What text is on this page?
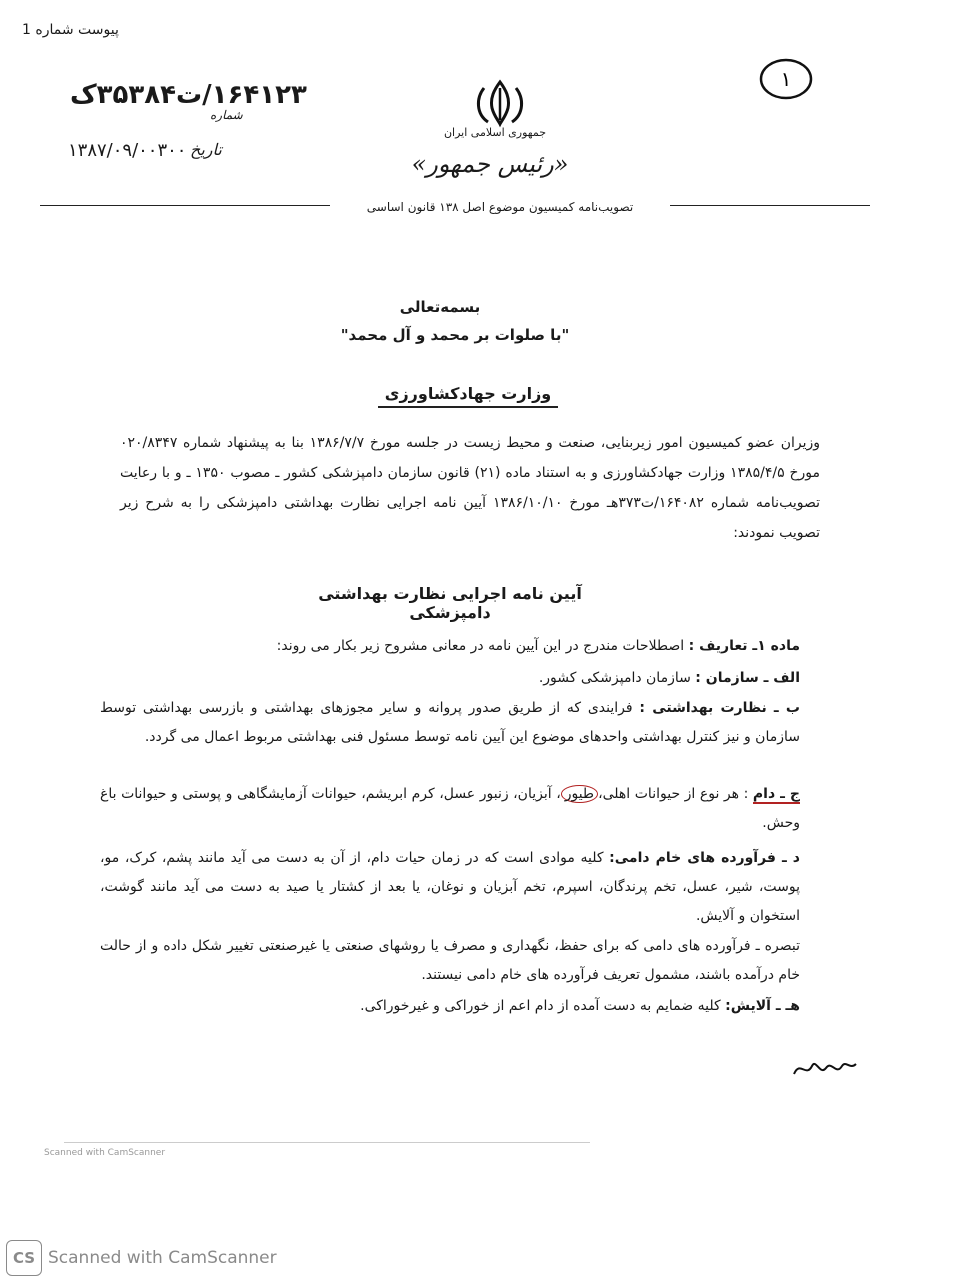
پیوست شماره 1
۱
۱۶۴۱۲۳/ت۳۵۳۸۴ک
شماره
۱۳۸۷/۰۹/۰۰۳۰۰ تاریخ
جمهوری اسلامی ایران
«رئیس جمهور»
تصویب‌نامه کمیسیون موضوع اصل ۱۳۸ قانون اساسی
بسمه‌تعالی
"با صلوات بر محمد و آل محمد"
وزارت جهادکشاورزی
وزیران عضو کمیسیون امور زیربنایی، صنعت و محیط زیست در جلسه مورخ ۱۳۸۶/۷/۷ بنا به پیشنهاد شماره ۰۲۰/۸۳۴۷ مورخ ۱۳۸۵/۴/۵ وزارت جهادکشاورزی و به استناد ماده (۲۱) قانون سازمان دامپزشکی کشور ـ مصوب ۱۳۵۰ ـ و با رعایت تصویب‌نامه شماره ۱۶۴۰۸۲/ت۳۷۳هـ مورخ ۱۳۸۶/۱۰/۱۰ آیین نامه اجرایی نظارت بهداشتی دامپزشکی را به شرح زیر تصویب نمودند:
آیین نامه اجرایی نظارت بهداشتی دامپزشکی
ماده ۱ـ تعاریف : اصطلاحات مندرج در این آیین نامه در معانی مشروح زیر بکار می روند:
الف ـ سازمان : سازمان دامپزشکی کشور.
ب ـ نظارت بهداشتی : فرایندی که از طریق صدور پروانه و سایر مجوزهای بهداشتی و بازرسی بهداشتی توسط سازمان و نیز کنترل بهداشتی واحدهای موضوع این آیین نامه توسط مسئول فنی بهداشتی مربوط اعمال می گردد.
ج ـ دام : هر نوع از حیوانات اهلی،طیور، آبزیان، زنبور عسل، کرم ابریشم، حیوانات آزمایشگاهی و پوستی و حیوانات باغ وحش.
د ـ فرآورده های خام دامی: کلیه موادی است که در زمان حیات دام، از آن به دست می آید مانند پشم، کرک، مو، پوست، شیر، عسل، تخم پرندگان، اسپرم، تخم آبزیان و نوغان، یا بعد از کشتار یا صید به دست می آید مانند گوشت، استخوان و آلایش.
تبصره ـ فرآورده های دامی که برای حفظ، نگهداری و مصرف یا روشهای صنعتی یا غیرصنعتی تغییر شکل داده و از حالت خام درآمده باشند، مشمول تعریف فرآورده های خام دامی نیستند.
هـ ـ آلایش: کلیه ضمایم به دست آمده از دام اعم از خوراکی و غیرخوراکی.
Scanned with CamScanner
CS Scanned with CamScanner
